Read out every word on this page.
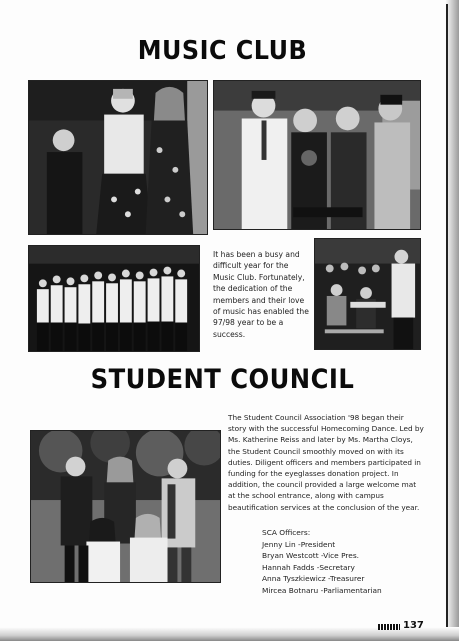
MUSIC CLUB
It has been a busy and difficult year for the Music Club. Fortunately, the dedication of the members and their love of music has enabled the 97/98 year to be a success.
STUDENT COUNCIL
The Student Council Association '98 began their story with the successful Homecoming Dance. Led by Ms. Katherine Reiss and later by Ms. Martha Cloys, the Student Council smoothly moved on with its duties. Diligent officers and members participated in funding for the eyeglasses donation project. In addition, the council provided a large welcome mat at the school entrance, along with campus beautification services at the conclusion of the year.
SCA Officers:
Jenny Lin -President
Bryan Westcott -Vice Pres.
Hannah Fadds -Secretary
Anna Tyszkiewicz -Treasurer
Mircea Botnaru -Parliamentarian
137
